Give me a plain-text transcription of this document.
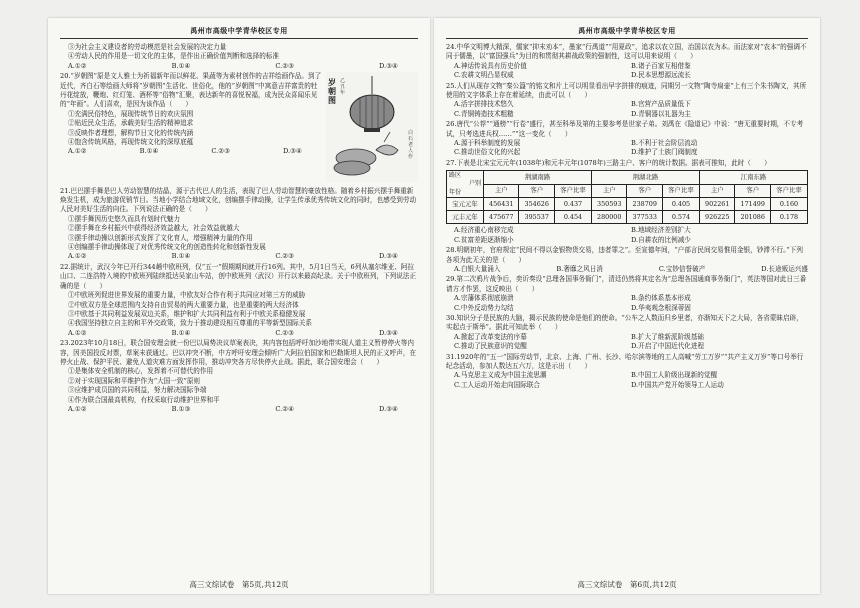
禹州市高级中学青华校区专用

③为社会主义建设者的劳动模范是社会发展的决定力量

④劳动人民的作用是一切文化的主体，是作出正确价值判断和选择的标准

A.①②	B.①④	C.②③	D.③④

20.“岁朝图”原是文人雅士为祈福新年而以鲜花、果蔬等为素材创作的吉祥绘画作品。到了近代，齐白石等绘画大师将“岁朝图”生活化、世俗化，他的“岁朝图”中寓意吉祥富贵的牡丹花绽放，鞭炮、红灯笼、酒杯等“俗物”汇聚，表达新年的喜悦祝福，成为民众喜闻乐见的“年画”。人们喜欢，是因为该作品（　　）

①充满民俗特色，展现传统节日的欢庆氛围

②贴近民众生活，承载美好生活的精神追求

③反映作者理想，解构节日文化的传统内涵

④饱含传统风格，再现传统文化的深厚底蕴

A.①②	B.①④	C.②③	D.③④
岁朝图
白石老人作
乙丑年

21.巴巴摆手舞是巴人劳动智慧的结晶，源于古代巴人的生活，表现了巴人劳动智慧的豪放性格。随着乡村振兴摆手舞重新焕发生机，成为旅游促销节目。当地小学结合地域文化，创编摆手律动操，让学生传承优秀传统文化的同时，也感受到劳动人民对美好生活的向往。下列说法正确的是（　　）

①摆手舞因历史悠久而具有划时代魅力

②摆手舞在乡村振兴中获得经济效益越大，社会效益就越大

③摆手律动操以创新形式发挥了文化育人，增强精神力量的作用

④创编摆手律动操体现了对优秀传统文化的创造性转化和创新性发展

A.①②	B.①④	C.②③	D.③④

22.据统计，武汉今年已开行344趟中欧班列，仅“五一”假期期间就开行16列。其中，5月1日当天，6列从塞尔维亚、阿拉山口、二连浩特入境的中欧班列陆续抵达吴家山车站，创中欧班列（武汉）开行以来最高纪录。关于中欧班列，下列说法正确的是（　　）

①中欧班列促进世界发展的重要力量，中欧友好合作有利于共同应对第三方的威胁

②中欧双方是全球范围内支持自由贸易的两大重要力量，也是重要的两大经济体

③中欧基于共同利益发展双边关系，维护和扩大共同利益有利于中欧关系稳健发展

④我国坚持独立自主的和平外交政策，致力于推动建设相互尊重的平等新型国际关系

A.①②	B.①④	C.②③	D.③④

23.2023年10月18日，联合国安理会就一份巴以局势决议草案表决，其内容包括呼吁加沙地带实现人道主义暂停停火等内容，因美国投反对票，草案未获通过。巴以冲突不断，中方呼吁安理会倾听广大阿拉伯国家和巴勒斯坦人民的正义呼声，在停火止战、保护平民、避免人道灾难方面发挥作用，推动冲突各方尽快停火止战。据此，联合国安理会（　　）

①是集体安全机制的核心，发挥着不可替代的作用

②对于实现国际和平维护作为“大国一致”原则

③应维护成员国的共同利益，努力解决国际争端

④作为联合国最高机构，有权采取行动维护世界和平

A.①②	B.①③	C.②④	D.③④
高三文综试卷　第5页,共12页
禹州市高级中学青华校区专用

24.中华文明博大精深，儒家“抑末劝本”，墨家“行禹道”“用夏政”，追求以农立国，治国以农为本。而法家对“农本”的强调不同于儒墨，以“富国强兵”为目的和贯彻其耕战政策的强制性，这可以用来说明（　　）

A.神话传说具有历史价值	B.诸子百家互相借鉴
C.农耕文明凸显权威	D.民本思想源远流长

25.人们从现存文物“秦公簋”的铭文和片上可以明显看出早字拼排的痕迹，同期另一文物“陶寺扁壶”上有三个朱书陶文，其所使用的文字体系上存在着延续，由此可以（　　）

A.活字拼排技术悠久	B.官营产品质量低下
C.青铜铸造技术粗糙	D.青铜器以礼器为主

26.唐代“公荐”“通榜”“行卷”盛行，甚至科举及第的主要参考是世家子弟。刘禹在《隐道记》中说：“唐无重要时期，不专考试，只考选进兵权……”“这一变化（　　）

A.源于科举制度的发展	B.不利于社会阶层流动
C.推动世俗文化的兴起	D.维护了士族门阀制度

27.下表是北宋宝元元年(1038年)和元丰元年(1078年)三路主户、客户的统计数据。据表可推知，此时（　　）

路区
户别
年份	荆湖南路			荆湖北路			江南东路		
	主户	客户	客户比率	主户	客户	客户比率	主户	客户	客户比率
宝元元年	456431	354626	0.437	350593	238709	0.405	902261	171499	0.160
元丰元年	475677	395537	0.454	280000	377533	0.574	926225	201086	0.178
A.经济重心南移完成	B.地域经济差别扩大
C.贫富差距逐渐缩小	D.自耕农的比例减少

28.明朝初年，官府规定“民间不得以金银物货交易，违者罪之”。至宣德年间，“户部言民间交易惟用金银，钞滞不行。”下列各项为此无关的是（　　）

A.白银大量涌入	B.奢靡之风日消	C.宝钞信誉破产	D.长途贩运兴盛

29.第二次鸦片战争后，奕䜣奏设“总理各国事务衙门”，清廷仍然将其定名为“总理各国通商事务衙门”，英法等国对此日三番请方才作罢，这反映出（　　）

A.宗藩体系彻底崩溃	B.条约体系基本形成
C.中外反动势力勾结	D.华夷观念根深蒂固

30.知识分子是民族的大脑，揭示民族的使命是他们的使命。“公车之人数而归乡里者，亦渐知天下之大局，各省蒙昧启辟，实起点于斯举”。据此可知此举（　　）

A.掀起了改革变法的序幕	B.扩大了维新派阶级基础
C.推动了民族意识的觉醒	D.开启了中国近代化进程

31.1920年的“五一”国际劳动节，北京、上海、广州、长沙、哈尔滨等地的工人高喊“劳工万岁”“共产主义万岁”等口号举行纪念活动，参加人数达五六万，这是示出（　　）

A.马克思主义成为中国主流思潮	B.中国工人阶级出现新的觉醒
C.工人运动开始走向国际联合	D.中国共产党开始领导工人运动
高三文综试卷　第6页,共12页
